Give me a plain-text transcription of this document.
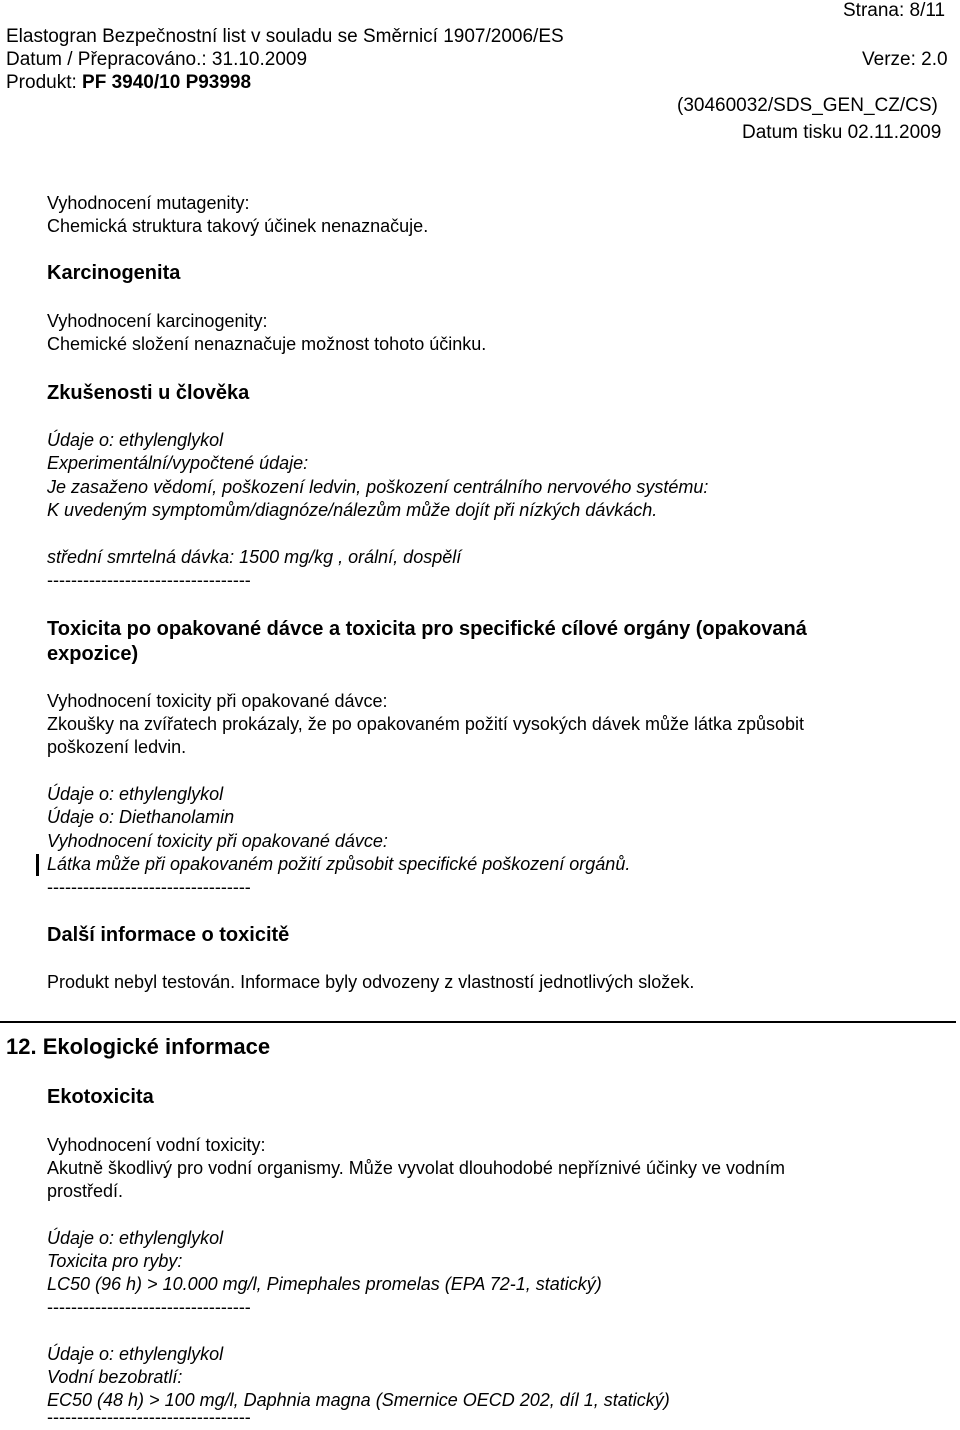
Strana: 8/11
Elastogran Bezpečnostní list v souladu se Směrnicí 1907/2006/ES
Datum / Přepracováno.: 31.10.2009	Verze: 2.0
Produkt: PF 3940/10 P93998
(30460032/SDS_GEN_CZ/CS)
Datum tisku 02.11.2009
Vyhodnocení mutagenity:
Chemická struktura takový účinek nenaznačuje.
Karcinogenita
Vyhodnocení karcinogenity:
Chemické složení nenaznačuje možnost tohoto účinku.
Zkušenosti u člověka
Údaje o: ethylenglykol
Experimentální/vypočtené údaje:
Je zasaženo vědomí, poškození ledvin, poškození centrálního nervového systému:
K uvedeným symptomům/diagnóze/nálezům může dojít při nízkých dávkách.
střední smrtelná dávka: 1500 mg/kg , orální, dospělí
----------------------------------
Toxicita po opakované dávce a toxicita pro specifické cílové orgány (opakovaná
expozice)
Vyhodnocení toxicity při opakované dávce:
Zkoušky na zvířatech prokázaly, že po opakovaném požití vysokých dávek může látka způsobit
poškození ledvin.
Údaje o: ethylenglykol
Údaje o: Diethanolamin
Vyhodnocení toxicity při opakované dávce:
Látka může při opakovaném požití způsobit specifické poškození orgánů.
----------------------------------
Další informace o toxicitě
Produkt nebyl testován. Informace byly odvozeny z vlastností jednotlivých složek.
12. Ekologické informace
Ekotoxicita
Vyhodnocení vodní toxicity:
Akutně škodlivý pro vodní organismy. Může vyvolat dlouhodobé nepříznivé účinky ve vodním
prostředí.
Údaje o: ethylenglykol
Toxicita pro ryby:
LC50 (96 h) > 10.000 mg/l, Pimephales promelas (EPA 72-1, statický)
----------------------------------
Údaje o: ethylenglykol
Vodní bezobratlí:
EC50 (48 h) > 100 mg/l, Daphnia magna (Smernice OECD 202, díl 1, statický)
----------------------------------
